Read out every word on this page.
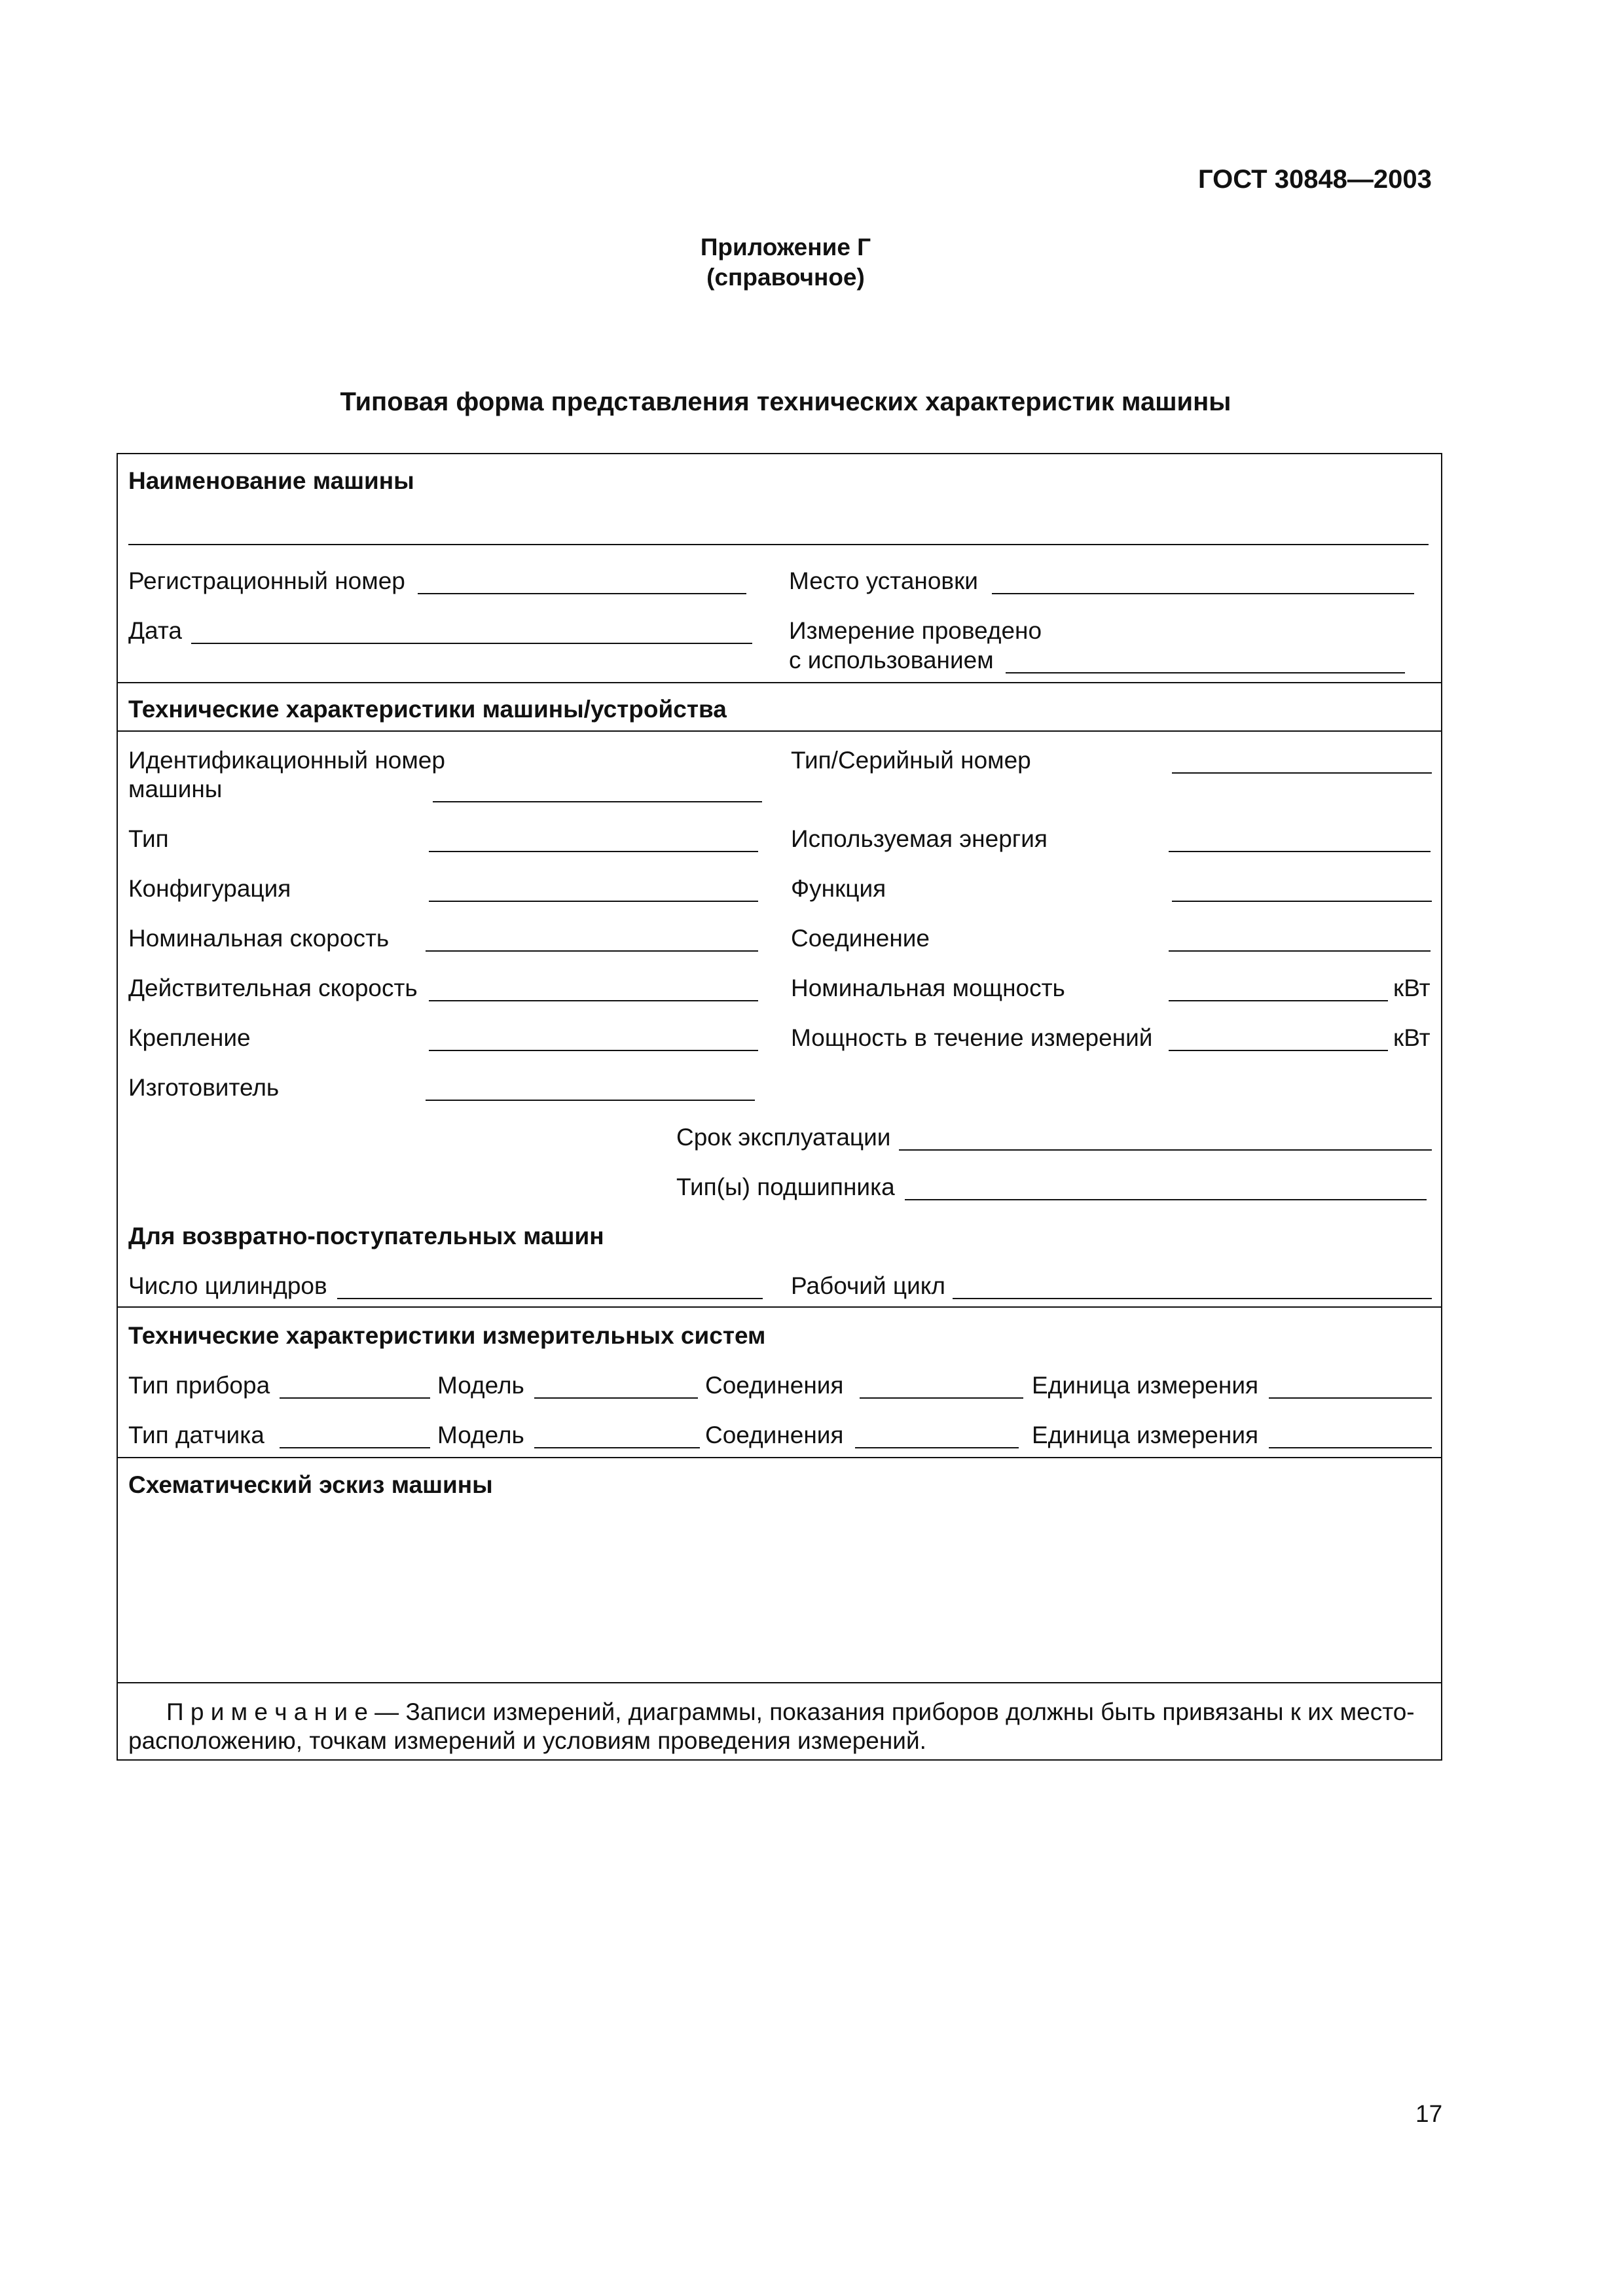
ГОСТ 30848—2003
Приложение Г
(справочное)
Типовая форма представления технических характеристик машины
Наименование машины
Регистрационный номер	Место установки
Дата	Измерение проведено
с использованием
Технические характеристики машины/устройства
Идентификационный номер
машины
Тип/Серийный номер
Тип	Используемая энергия
Конфигурация	Функция
Номинальная скорость	Соединение
Действительная скорость	Номинальная мощность	кВт
Крепление	Мощность в течение измерений	кВт
Изготовитель
Срок эксплуатации
Тип(ы) подшипника
Для возвратно-поступательных машин
Число цилиндров	Рабочий цикл
Технические характеристики измерительных систем
Тип прибора	Модель	Соединения	Единица измерения
Тип датчика	Модель	Соединения	Единица измерения
Схематический эскиз машины
П р и м е ч а н и е — Записи измерений, диаграммы, показания приборов должны быть привязаны к их место-
расположению, точкам измерений и условиям проведения измерений.
17
